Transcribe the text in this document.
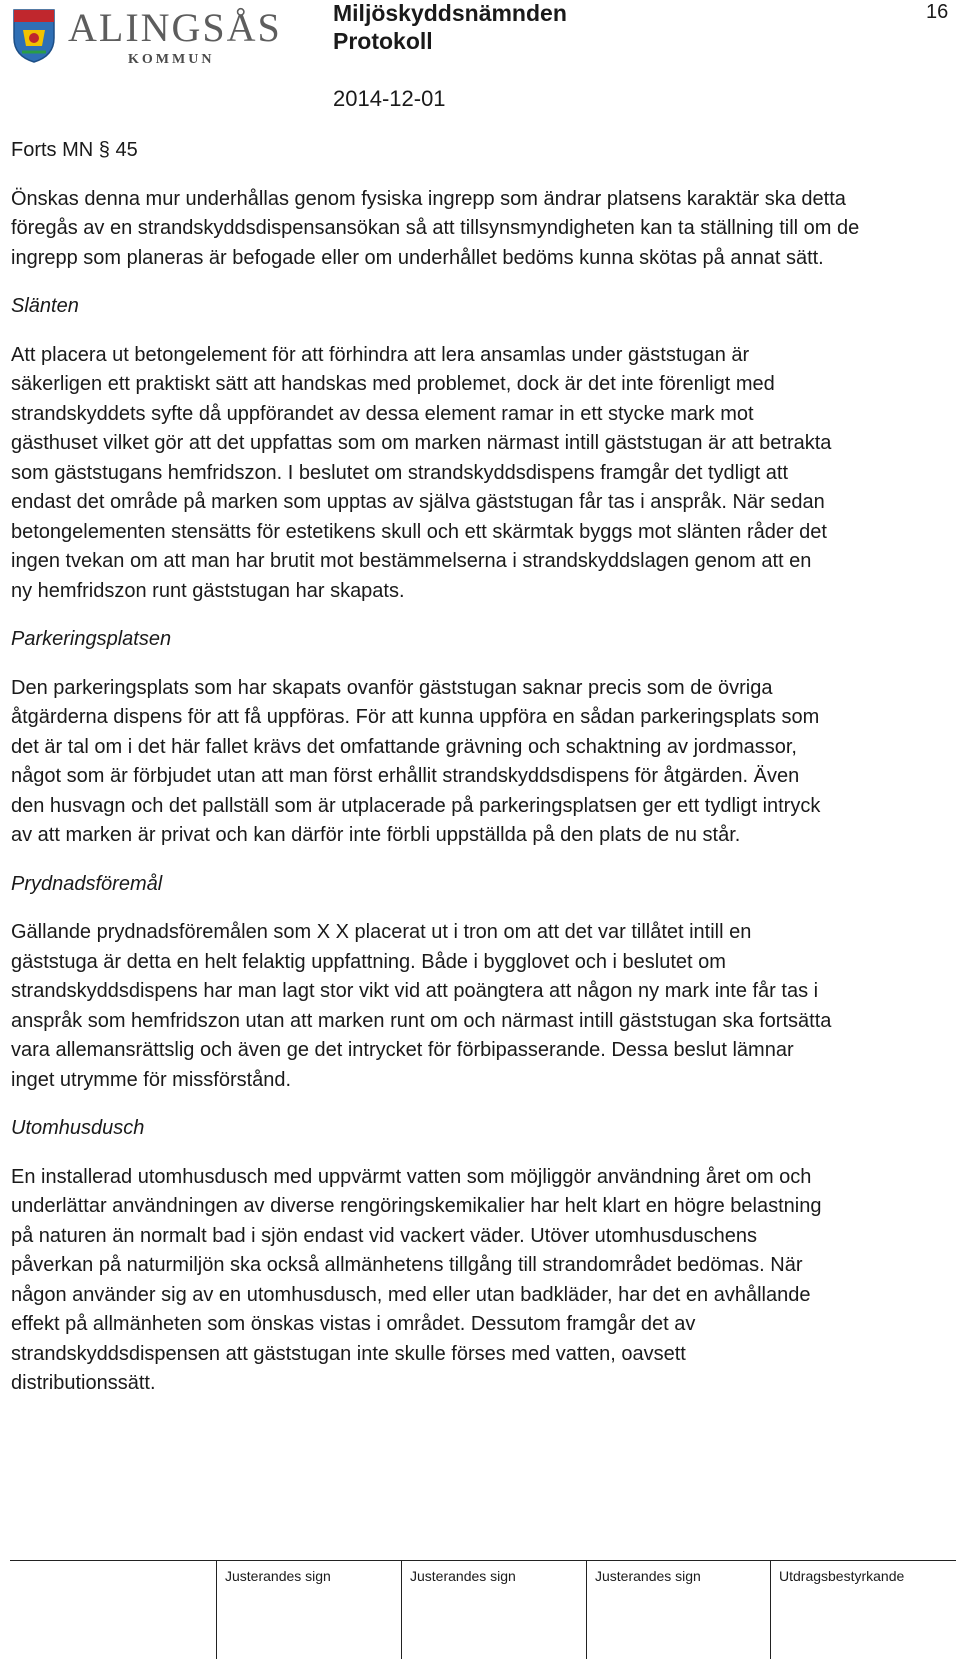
ALINGSÅS
KOMMUN
Miljöskyddsnämnden
Protokoll
2014-12-01
16

Forts MN § 45

Önskas denna mur underhållas genom fysiska ingrepp som ändrar platsens karaktär ska detta föregås av en strandskyddsdispensansökan så att tillsynsmyndigheten kan ta ställning till om de ingrepp som planeras är befogade eller om underhållet bedöms kunna skötas på annat sätt.

Slänten

Att placera ut betongelement för att förhindra att lera ansamlas under gäststugan är
säkerligen ett praktiskt sätt att handskas med problemet, dock är det inte förenligt med
strandskyddets syfte då uppförandet av dessa element ramar in ett stycke mark mot
gästhuset vilket gör att det uppfattas som om marken närmast intill gäststugan är att betrakta
som gäststugans hemfridszon. I beslutet om strandskyddsdispens framgår det tydligt att
endast det område på marken som upptas av själva gäststugan får tas i anspråk. När sedan
betongelementen stensätts för estetikens skull och ett skärmtak byggs mot slänten råder det
ingen tvekan om att man har brutit mot bestämmelserna i strandskyddslagen genom att en
ny hemfridszon runt gäststugan har skapats.

Parkeringsplatsen

Den parkeringsplats som har skapats ovanför gäststugan saknar precis som de övriga
åtgärderna dispens för att få uppföras. För att kunna uppföra en sådan parkeringsplats som
det är tal om i det här fallet krävs det omfattande grävning och schaktning av jordmassor,
något som är förbjudet utan att man först erhållit strandskyddsdispens för åtgärden. Även
den husvagn och det pallställ som är utplacerade på parkeringsplatsen ger ett tydligt intryck
av att marken är privat och kan därför inte förbli uppställda på den plats de nu står.

Prydnadsföremål

Gällande prydnadsföremålen som X X placerat ut i tron om att det var tillåtet intill en
gäststuga är detta en helt felaktig uppfattning. Både i bygglovet och i beslutet om
strandskyddsdispens har man lagt stor vikt vid att poängtera att någon ny mark inte får tas i
anspråk som hemfridszon utan att marken runt om och närmast intill gäststugan ska fortsätta
vara allemansrättslig och även ge det intrycket för förbipasserande. Dessa beslut lämnar
inget utrymme för missförstånd.

Utomhusdusch

En installerad utomhusdusch med uppvärmt vatten som möjliggör användning året om och
underlättar användningen av diverse rengöringskemikalier har helt klart en högre belastning
på naturen än normalt bad i sjön endast vid vackert väder. Utöver utomhusduschens
påverkan på naturmiljön ska också allmänhetens tillgång till strandområdet bedömas. När
någon använder sig av en utomhusdusch, med eller utan badkläder, har det en avhållande
effekt på allmänheten som önskas vistas i området. Dessutom framgår det av
strandskyddsdispensen att gäststugan inte skulle förses med vatten, oavsett
distributionssätt.

Justerandes sign	Justerandes sign	Justerandes sign	Utdragsbestyrkande
